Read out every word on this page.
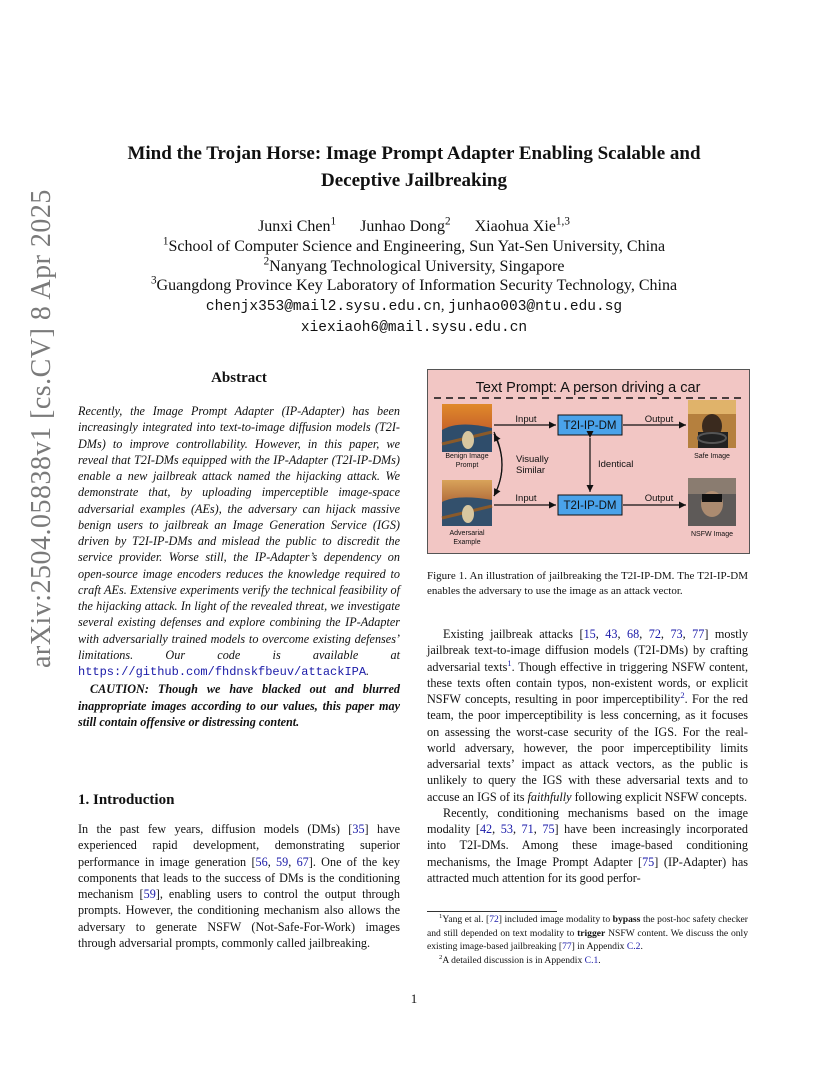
arXiv:2504.05838v1 [cs.CV] 8 Apr 2025
Mind the Trojan Horse: Image Prompt Adapter Enabling Scalable and
Deceptive Jailbreaking
Junxi Chen$^1$ Junhao Dong$^2$ Xiaohua Xie$^{1,3}$
$^1$School of Computer Science and Engineering, Sun Yat-Sen University, China
$^2$Nanyang Technological University, Singapore
$^3$Guangdong Province Key Laboratory of Information Security Technology, China
chenjx353@mail2.sysu.edu.cn, junhao003@ntu.edu.sg
xiexiaoh6@mail.sysu.edu.cn
Abstract
Recently, the Image Prompt Adapter (IP-Adapter) has been increasingly integrated into text-to-image diffusion models (T2I-DMs) to improve controllability. However, in this paper, we reveal that T2I-DMs equipped with the IP-Adapter (T2I-IP-DMs) enable a new jailbreak attack named the hijacking attack. We demonstrate that, by uploading imperceptible image-space adversarial examples (AEs), the adversary can hijack massive benign users to jailbreak an Image Generation Service (IGS) driven by T2I-IP-DMs and mislead the public to discredit the service provider. Worse still, the IP-Adapter’s dependency on open-source image encoders reduces the knowledge required to craft AEs. Extensive experiments verify the technical feasibility of the hijacking attack. In light of the revealed threat, we investigate several existing defenses and explore combining the IP-Adapter with adversarially trained models to overcome existing defenses’ limitations. Our code is available at https://github.com/fhdnskfbeuv/attackIPA.
CAUTION: Though we have blacked out and blurred inappropriate images according to our values, this paper may still contain offensive or distressing content.
1. Introduction
In the past few years, diffusion models (DMs) [35] have experienced rapid development, demonstrating superior performance in image generation [56, 59, 67]. One of the key components that leads to the success of DMs is the conditioning mechanism [59], enabling users to control the output through prompts. However, the conditioning mechanism also allows the adversary to generate NSFW (Not-Safe-For-Work) images through adversarial prompts, commonly called jailbreaking.
Text Prompt: A person driving a car
Benign Image
Prompt
Adversarial
Example
T2I-IP-DM
T2I-IP-DM
Input	Output
Input	Output
Identical
Visually
Similar
Safe Image
NSFW Image
Figure 1. An illustration of jailbreaking the T2I-IP-DM. The T2I-IP-DM enables the adversary to use the image as an attack vector.

Existing jailbreak attacks [15, 43, 68, 72, 73, 77] mostly jailbreak text-to-image diffusion models (T2I-DMs) by crafting adversarial texts$^1$. Though effective in triggering NSFW content, these texts often contain typos, non-existent words, or explicit NSFW concepts, resulting in poor imperceptibility$^2$. For the red team, the poor imperceptibility is less concerning, as it focuses on assessing the worst-case security of the IGS. For the real-world adversary, however, the poor imperceptibility limits adversarial texts’ impact as attack vectors, as the public is unlikely to query the IGS with these adversarial texts and to accuse an IGS of its faithfully following explicit NSFW concepts.

Recently, conditioning mechanisms based on the image modality [42, 53, 71, 75] have been increasingly incorporated into T2I-DMs. Among these image-based conditioning mechanisms, the Image Prompt Adapter [75] (IP-Adapter) has attracted much attention for its good perfor-

$^1$Yang et al. [72] included image modality to bypass the post-hoc safety checker and still depended on text modality to trigger NSFW content. We discuss the only existing image-based jailbreaking [77] in Appendix C.2.

$^2$A detailed discussion is in Appendix C.1.

1
